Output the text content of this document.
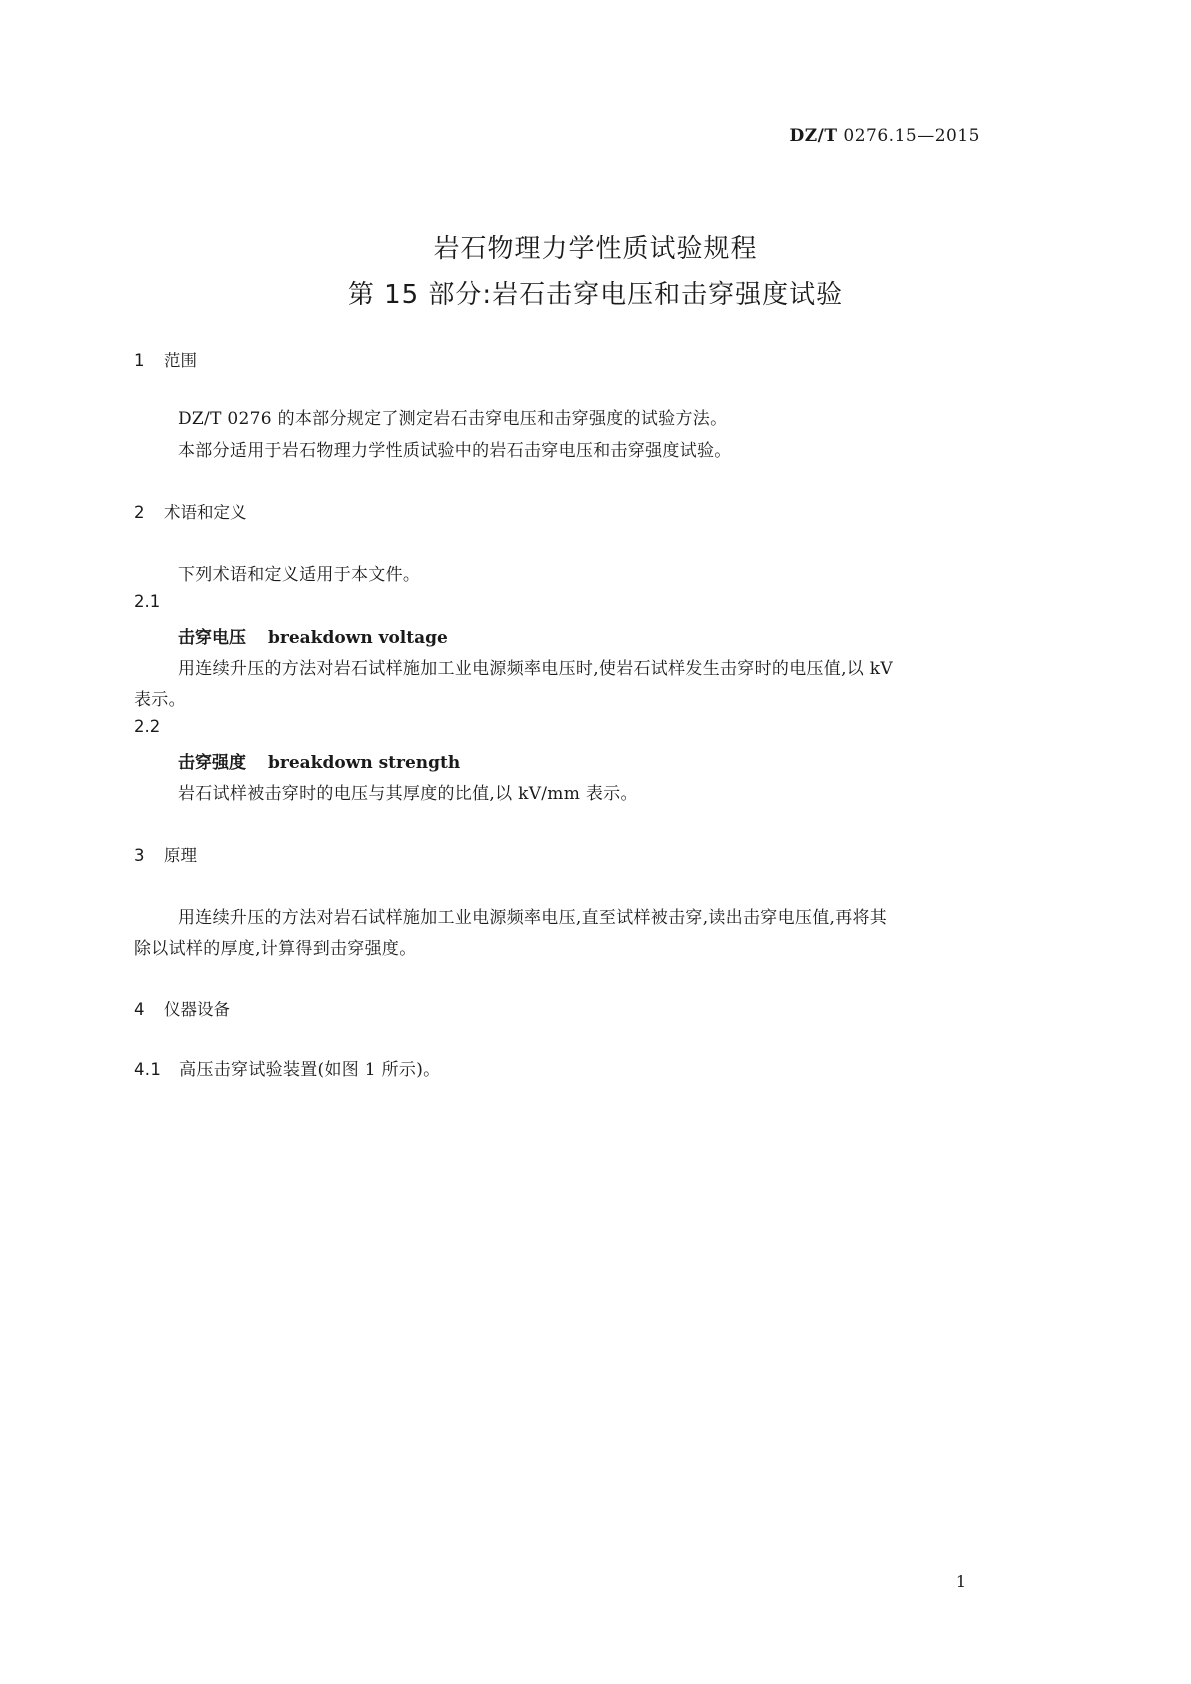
DZ/T 0276.15—2015
岩石物理力学性质试验规程
第 15 部分:岩石击穿电压和击穿强度试验
1 范围
DZ/T 0276 的本部分规定了测定岩石击穿电压和击穿强度的试验方法。
本部分适用于岩石物理力学性质试验中的岩石击穿电压和击穿强度试验。
2 术语和定义
下列术语和定义适用于本文件。
2.1
击穿电压 breakdown voltage
用连续升压的方法对岩石试样施加工业电源频率电压时,使岩石试样发生击穿时的电压值,以 kV
表示。
2.2
击穿强度 breakdown strength
岩石试样被击穿时的电压与其厚度的比值,以 kV/mm 表示。
3 原理
用连续升压的方法对岩石试样施加工业电源频率电压,直至试样被击穿,读出击穿电压值,再将其
除以试样的厚度,计算得到击穿强度。
4 仪器设备
4.1 高压击穿试验装置(如图 1 所示)。
1
